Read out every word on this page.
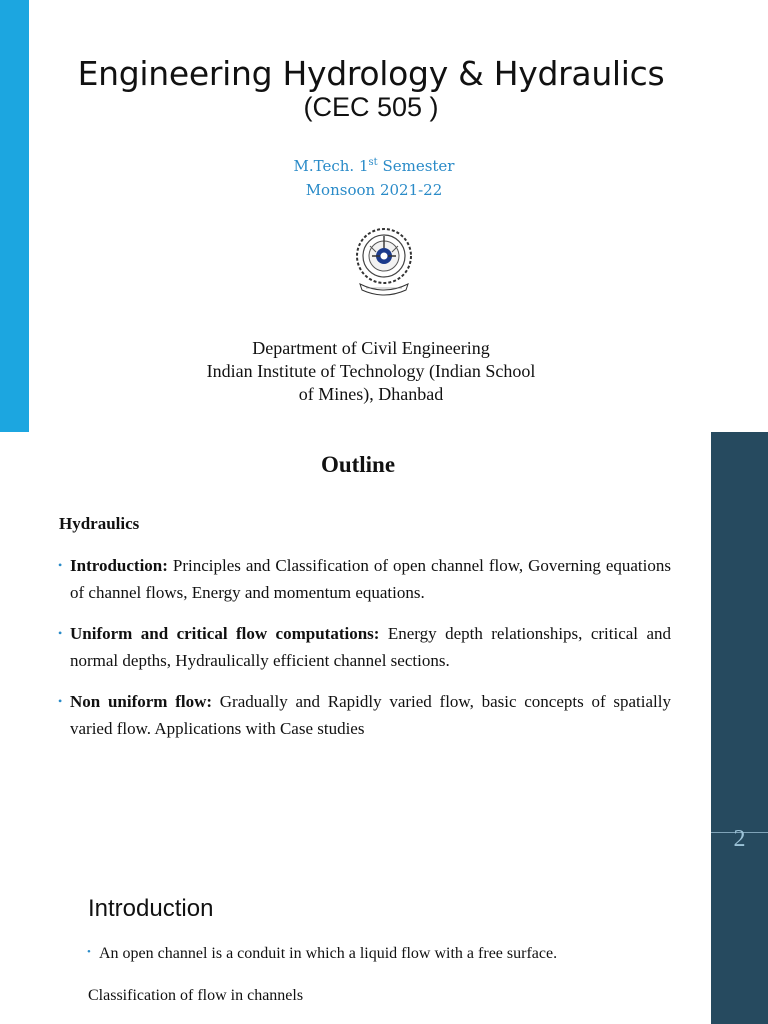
Engineering Hydrology & Hydraulics
(CEC 505 )
M.Tech. 1st Semester
Monsoon 2021-22
Department of Civil Engineering
Indian Institute of Technology (Indian School
of Mines), Dhanbad
2
Outline
Hydraulics
• Introduction: Principles and Classification of open channel flow, Governing equations of channel flows, Energy and momentum equations.
• Uniform and critical flow computations: Energy depth relationships, critical and normal depths, Hydraulically efficient channel sections.
• Non uniform flow: Gradually and Rapidly varied flow, basic concepts of spatially varied flow. Applications with Case studies
Introduction
• An open channel is a conduit in which a liquid flow with a free surface.
Classification of flow in channels
